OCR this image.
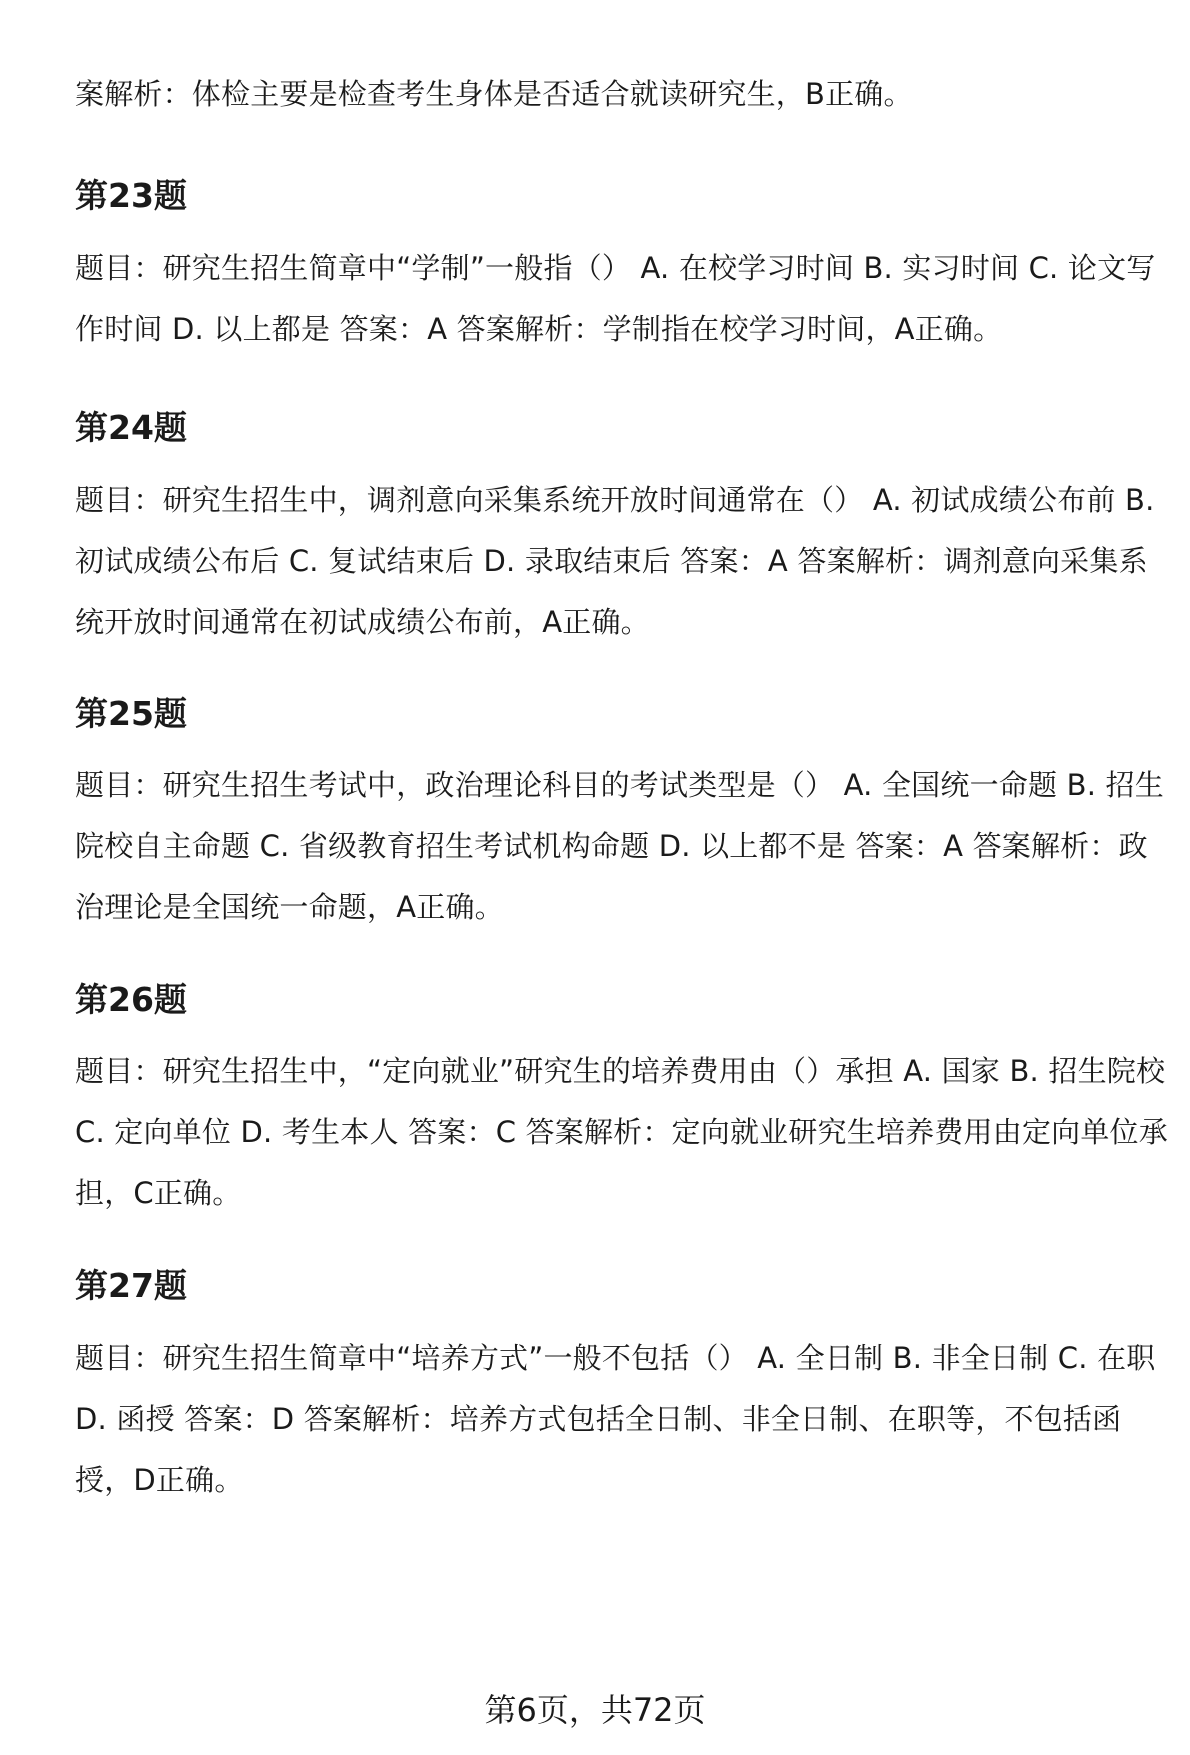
案解析：体检主要是检查考生身体是否适合就读研究生，B正确。

第23题

题目：研究生招生简章中“学制”一般指（） A. 在校学习时间 B. 实习时间 C. 论文写作时间 D. 以上都是 答案：A 答案解析：学制指在校学习时间，A正确。

第24题

题目：研究生招生中，调剂意向采集系统开放时间通常在（） A. 初试成绩公布前 B. 初试成绩公布后 C. 复试结束后 D. 录取结束后 答案：A 答案解析：调剂意向采集系统开放时间通常在初试成绩公布前，A正确。

第25题

题目：研究生招生考试中，政治理论科目的考试类型是（） A. 全国统一命题 B. 招生院校自主命题 C. 省级教育招生考试机构命题 D. 以上都不是 答案：A 答案解析：政治理论是全国统一命题，A正确。

第26题

题目：研究生招生中，“定向就业”研究生的培养费用由（）承担 A. 国家 B. 招生院校 C. 定向单位 D. 考生本人 答案：C 答案解析：定向就业研究生培养费用由定向单位承担，C正确。

第27题

题目：研究生招生简章中“培养方式”一般不包括（） A. 全日制 B. 非全日制 C. 在职 D. 函授 答案：D 答案解析：培养方式包括全日制、非全日制、在职等，不包括函授，D正确。

第6页，共72页
